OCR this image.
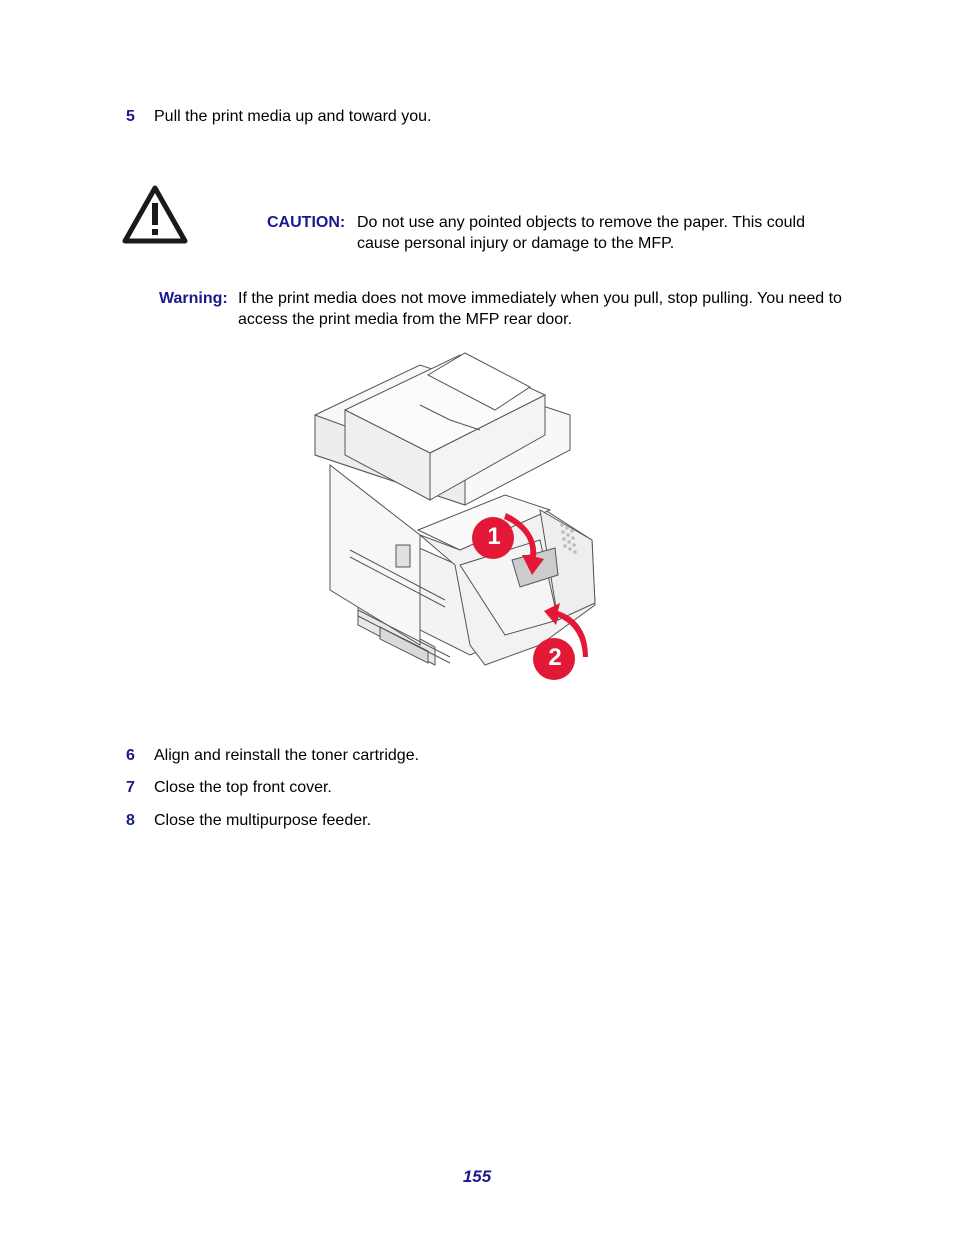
5 Pull the print media up and toward you.
CAUTION: Do not use any pointed objects to remove the paper. This could cause personal injury or damage to the MFP.
Warning: If the print media does not move immediately when you pull, stop pulling. You need to access the print media from the MFP rear door.
1
2
6 Align and reinstall the toner cartridge.
7 Close the top front cover.
8 Close the multipurpose feeder.
155
